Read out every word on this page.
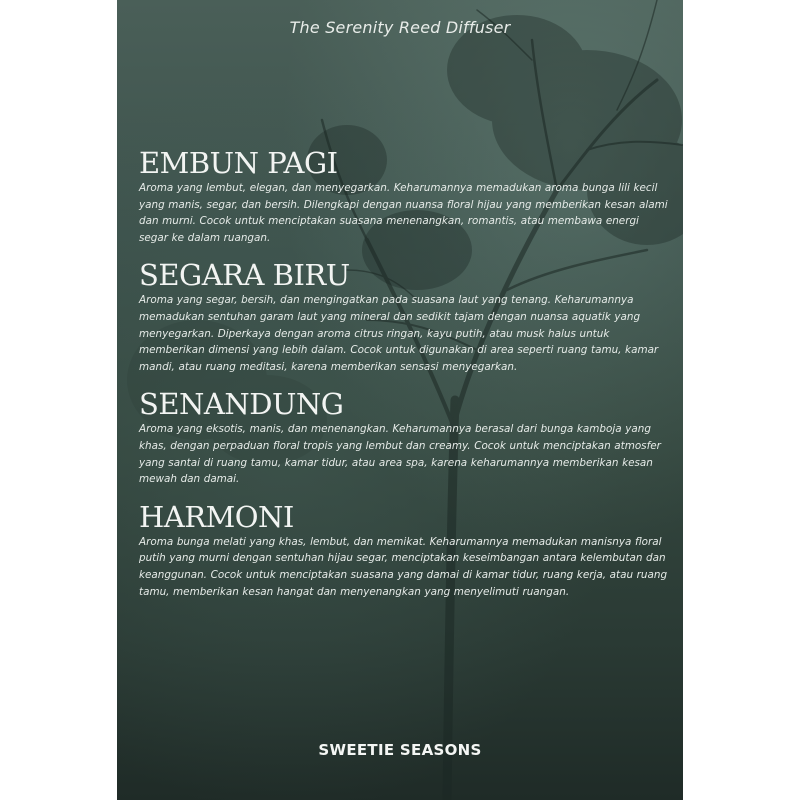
The Serenity Reed Diffuser
EMBUN PAGI

Aroma yang lembut, elegan, dan menyegarkan. Keharumannya memadukan aroma bunga lili kecil yang manis, segar, dan bersih. Dilengkapi dengan nuansa floral hijau yang memberikan kesan alami dan murni. Cocok untuk menciptakan suasana menenangkan, romantis, atau membawa energi segar ke dalam ruangan.

SEGARA BIRU

Aroma yang segar, bersih, dan mengingatkan pada suasana laut yang tenang. Keharumannya memadukan sentuhan garam laut yang mineral dan sedikit tajam dengan nuansa aquatik yang menyegarkan. Diperkaya dengan aroma citrus ringan, kayu putih, atau musk halus untuk memberikan dimensi yang lebih dalam. Cocok untuk digunakan di area seperti ruang tamu, kamar mandi, atau ruang meditasi, karena memberikan sensasi menyegarkan.

SENANDUNG

Aroma yang eksotis, manis, dan menenangkan. Keharumannya berasal dari bunga kamboja yang khas, dengan perpaduan floral tropis yang lembut dan creamy. Cocok untuk menciptakan atmosfer yang santai di ruang tamu, kamar tidur, atau area spa, karena keharumannya memberikan kesan mewah dan damai.

HARMONI

Aroma bunga melati yang khas, lembut, dan memikat. Keharumannya memadukan manisnya floral putih yang murni dengan sentuhan hijau segar, menciptakan keseimbangan antara kelembutan dan keanggunan. Cocok untuk menciptakan suasana yang damai di kamar tidur, ruang kerja, atau ruang tamu, memberikan kesan hangat dan menyenangkan yang menyelimuti ruangan.

SWEETIE SEASONS
